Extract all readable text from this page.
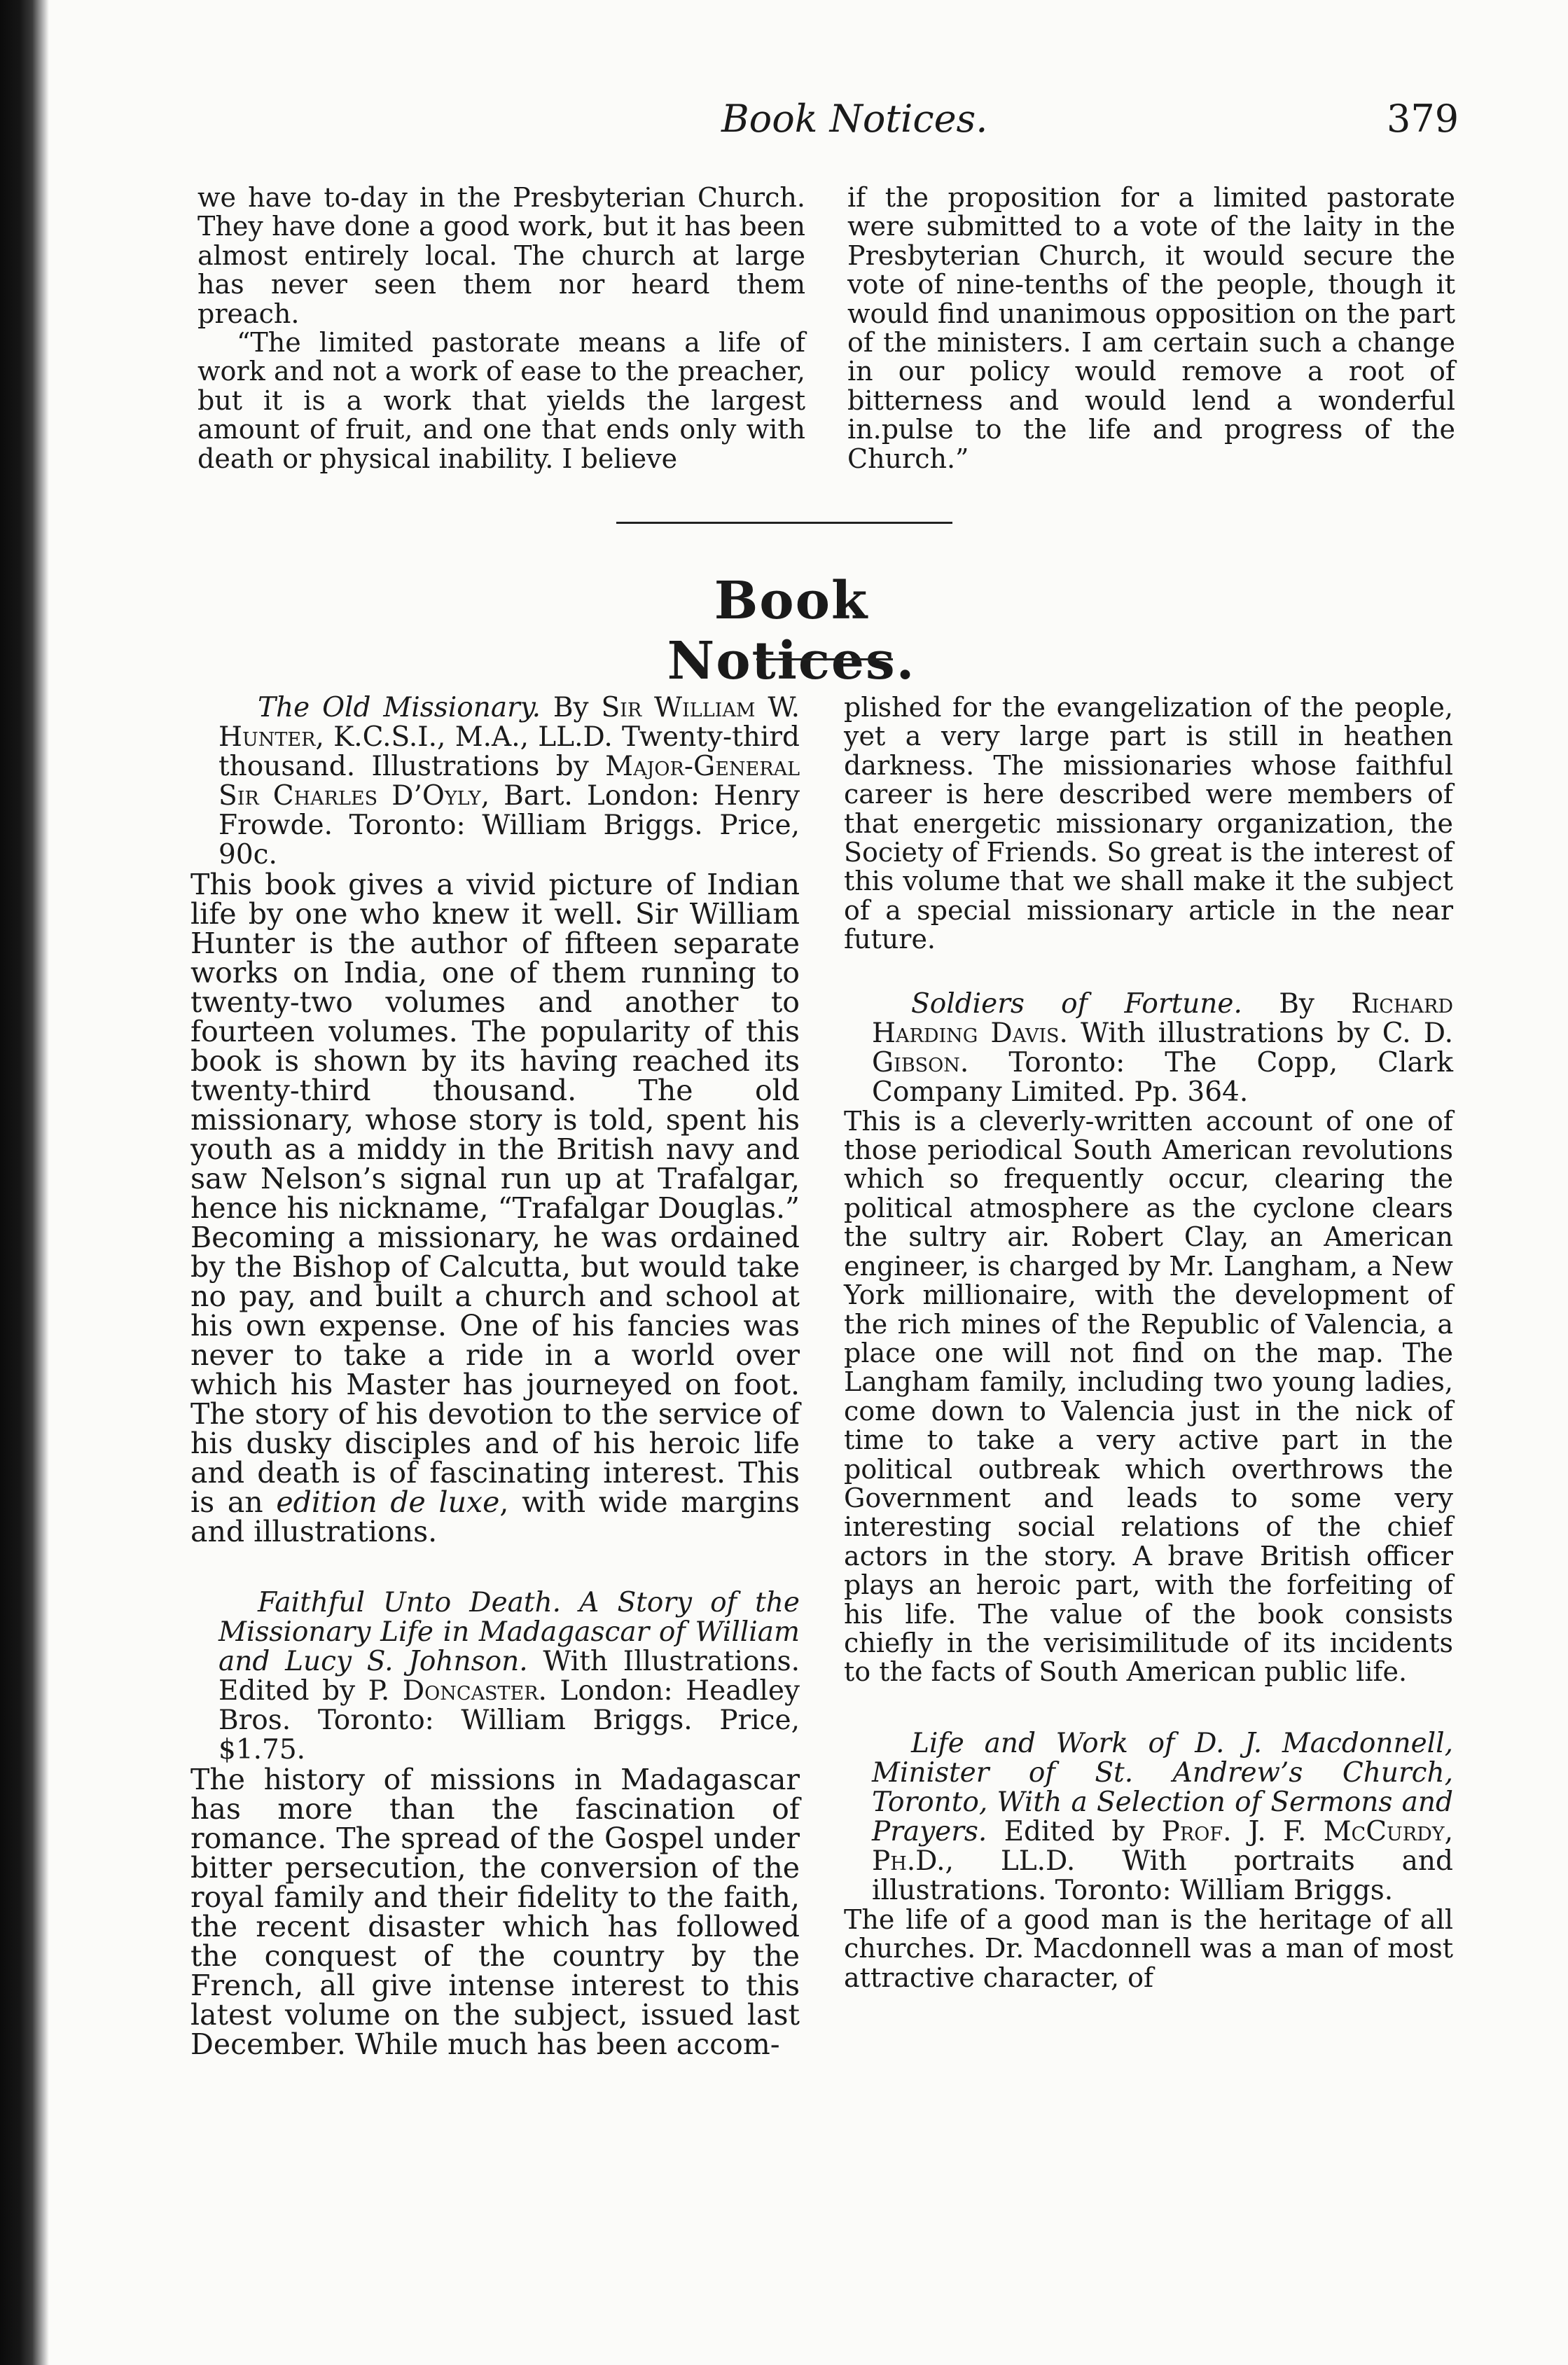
Book Notices.	379

we have to-day in the Presbyterian Church. They have done a good work, but it has been almost entirely local. The church at large has never seen them nor heard them preach.

“The limited pastorate means a life of work and not a work of ease to the preacher, but it is a work that yields the largest amount of fruit, and one that ends only with death or physical inability. I believe

if the proposition for a limited pastorate were submitted to a vote of the laity in the Presbyterian Church, it would secure the vote of nine-tenths of the people, though it would find unanimous opposition on the part of the ministers. I am certain such a change in our policy would remove a root of bitterness and would lend a wonderful in.pulse to the life and progress of the Church.”

Book Notices.

The Old Missionary. By Sir William W. Hunter, K.C.S.I., M.A., LL.D. Twenty-third thousand. Illustrations by Major-General Sir Charles D’Oyly, Bart. London: Henry Frowde. Toronto: William Briggs. Price, 90c.

This book gives a vivid picture of Indian life by one who knew it well. Sir William Hunter is the author of fifteen separate works on India, one of them running to twenty-two volumes and another to fourteen volumes. The popularity of this book is shown by its having reached its twenty-third thousand. The old missionary, whose story is told, spent his youth as a middy in the British navy and saw Nelson’s signal run up at Trafalgar, hence his nickname, “Trafalgar Douglas.” Becoming a missionary, he was ordained by the Bishop of Calcutta, but would take no pay, and built a church and school at his own expense. One of his fancies was never to take a ride in a world over which his Master has journeyed on foot. The story of his devotion to the service of his dusky disciples and of his heroic life and death is of fascinating interest. This is an edition de luxe, with wide margins and illustrations.

Faithful Unto Death. A Story of the Missionary Life in Madagascar of William and Lucy S. Johnson. With Illustrations. Edited by P. Doncaster. London: Headley Bros. Toronto: William Briggs. Price, $1.75.

The history of missions in Madagascar has more than the fascination of romance. The spread of the Gospel under bitter persecution, the conversion of the royal family and their fidelity to the faith, the recent disaster which has followed the conquest of the country by the French, all give intense interest to this latest volume on the subject, issued last December. While much has been accom-

plished for the evangelization of the people, yet a very large part is still in heathen darkness. The missionaries whose faithful career is here described were members of that energetic missionary organization, the Society of Friends. So great is the interest of this volume that we shall make it the subject of a special missionary article in the near future.

Soldiers of Fortune. By Richard Harding Davis. With illustrations by C. D. Gibson. Toronto: The Copp, Clark Company Limited. Pp. 364.

This is a cleverly-written account of one of those periodical South American revolutions which so frequently occur, clearing the political atmosphere as the cyclone clears the sultry air. Robert Clay, an American engineer, is charged by Mr. Langham, a New York millionaire, with the development of the rich mines of the Republic of Valencia, a place one will not find on the map. The Langham family, including two young ladies, come down to Valencia just in the nick of time to take a very active part in the political outbreak which overthrows the Government and leads to some very interesting social relations of the chief actors in the story. A brave British officer plays an heroic part, with the forfeiting of his life. The value of the book consists chiefly in the verisimilitude of its incidents to the facts of South American public life.

Life and Work of D. J. Macdonnell, Minister of St. Andrew’s Church, Toronto, With a Selection of Sermons and Prayers. Edited by Prof. J. F. McCurdy, Ph.D., LL.D. With portraits and illustrations. Toronto: William Briggs.

The life of a good man is the heritage of all churches. Dr. Macdonnell was a man of most attractive character, of
